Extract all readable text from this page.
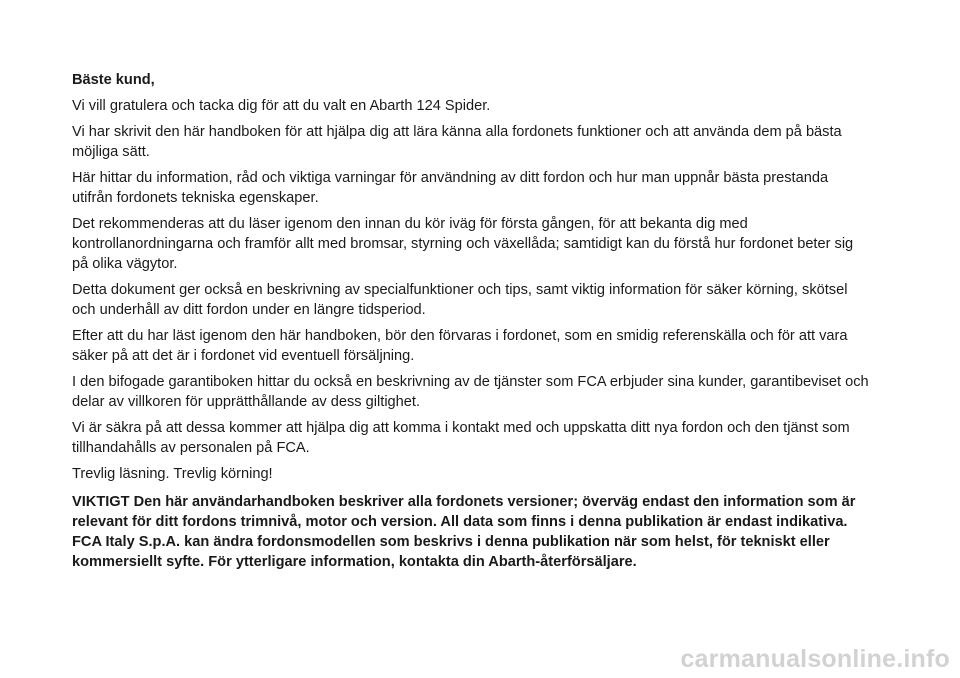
Bäste kund,

Vi vill gratulera och tacka dig för att du valt en Abarth 124 Spider.

Vi har skrivit den här handboken för att hjälpa dig att lära känna alla fordonets funktioner och att använda dem på bästa möjliga sätt.

Här hittar du information, råd och viktiga varningar för användning av ditt fordon och hur man uppnår bästa prestanda utifrån fordonets tekniska egenskaper.

Det rekommenderas att du läser igenom den innan du kör iväg för första gången, för att bekanta dig med kontrollanordningarna och framför allt med bromsar, styrning och växellåda; samtidigt kan du förstå hur fordonet beter sig på olika vägytor.

Detta dokument ger också en beskrivning av specialfunktioner och tips, samt viktig information för säker körning, skötsel och underhåll av ditt fordon under en längre tidsperiod.

Efter att du har läst igenom den här handboken, bör den förvaras i fordonet, som en smidig referenskälla och för att vara säker på att det är i fordonet vid eventuell försäljning.

I den bifogade garantiboken hittar du också en beskrivning av de tjänster som FCA erbjuder sina kunder, garantibeviset och delar av villkoren för upprätthållande av dess giltighet.

Vi är säkra på att dessa kommer att hjälpa dig att komma i kontakt med och uppskatta ditt nya fordon och den tjänst som tillhandahålls av personalen på FCA.

Trevlig läsning. Trevlig körning!

VIKTIGT Den här användarhandboken beskriver alla fordonets versioner; överväg endast den information som är relevant för ditt fordons trimnivå, motor och version. All data som finns i denna publikation är endast indikativa. FCA Italy S.p.A. kan ändra fordonsmodellen som beskrivs i denna publikation när som helst, för tekniskt eller kommersiellt syfte. För ytterligare information, kontakta din Abarth-återförsäljare.

carmanualsonline.info
